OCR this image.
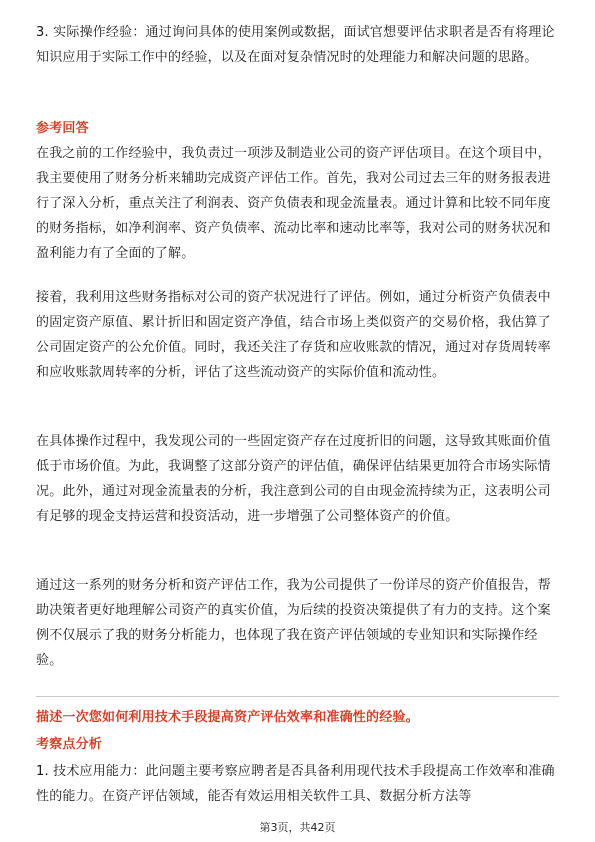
3. 实际操作经验：通过询问具体的使用案例或数据，面试官想要评估求职者是否有将理论知识应用于实际工作中的经验，以及在面对复杂情况时的处理能力和解决问题的思路。
参考回答
在我之前的工作经验中，我负责过一项涉及制造业公司的资产评估项目。在这个项目中，我主要使用了财务分析来辅助完成资产评估工作。首先，我对公司过去三年的财务报表进行了深入分析，重点关注了利润表、资产负债表和现金流量表。通过计算和比较不同年度的财务指标，如净利润率、资产负债率、流动比率和速动比率等，我对公司的财务状况和盈利能力有了全面的了解。
接着，我利用这些财务指标对公司的资产状况进行了评估。例如，通过分析资产负债表中的固定资产原值、累计折旧和固定资产净值，结合市场上类似资产的交易价格，我估算了公司固定资产的公允价值。同时，我还关注了存货和应收账款的情况，通过对存货周转率和应收账款周转率的分析，评估了这些流动资产的实际价值和流动性。
在具体操作过程中，我发现公司的一些固定资产存在过度折旧的问题，这导致其账面价值低于市场价值。为此，我调整了这部分资产的评估值，确保评估结果更加符合市场实际情况。此外，通过对现金流量表的分析，我注意到公司的自由现金流持续为正，这表明公司有足够的现金支持运营和投资活动，进一步增强了公司整体资产的价值。
通过这一系列的财务分析和资产评估工作，我为公司提供了一份详尽的资产价值报告，帮助决策者更好地理解公司资产的真实价值，为后续的投资决策提供了有力的支持。这个案例不仅展示了我的财务分析能力，也体现了我在资产评估领域的专业知识和实际操作经验。
描述一次您如何利用技术手段提高资产评估效率和准确性的经验。
考察点分析
1. 技术应用能力：此问题主要考察应聘者是否具备利用现代技术手段提高工作效率和准确性的能力。在资产评估领域，能否有效运用相关软件工具、数据分析方法等
第3页，共42页
